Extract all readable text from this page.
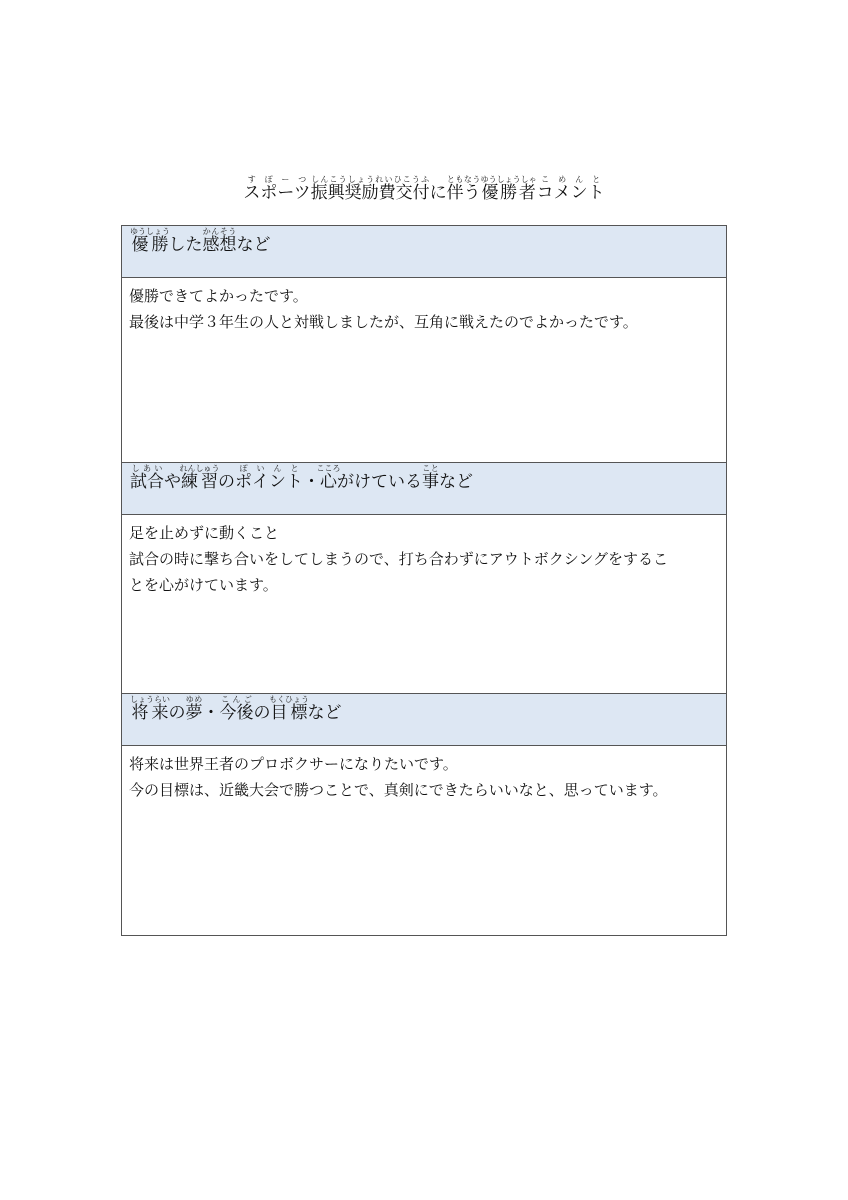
スポーツすぽーつ振興奨励費交付しんこうしょうれいひこうふに伴うともなう優勝者ゆうしょうしゃコメントこめんと
優勝ゆうしょうした感想かんそうなど

優勝できてよかったです。

最後は中学３年生の人と対戦しましたが、互角に戦えたのでよかったです。

試合しあいや練習れんしゅうのポイントぽいんと・心こころがけている事ことなど

足を止めずに動くこと

試合の時に撃ち合いをしてしまうので、打ち合わずにアウトボクシングをするこ

とを心がけています。

将来しょうらいの夢ゆめ・今後こんごの目標もくひょうなど

将来は世界王者のプロボクサーになりたいです。

今の目標は、近畿大会で勝つことで、真剣にできたらいいなと、思っています。
